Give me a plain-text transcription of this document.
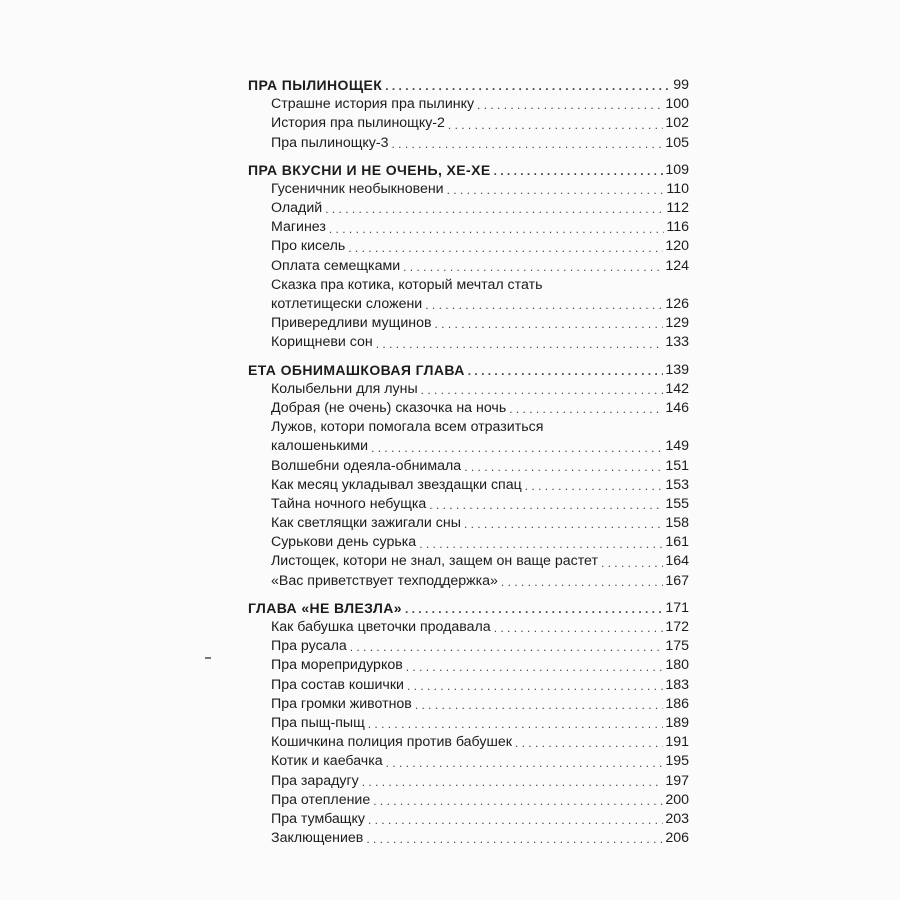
ПРА ПЫЛИНОЩЕК . . .	99
Страшне история пра пылинку . . .	100
История пра пылинощку-2 . . .	102
Пра пылинощку-3 . . .	105
ПРА ВКУСНИ И НЕ ОЧЕНЬ, ХЕ-ХЕ . . .	109
Гусеничник необыкновени . . .	110
Оладий . . .	112
Магинез . . .	116
Про кисель . . .	120
Оплата семещками . . .	124
Сказка пра котика, который мечтал стать
котлетищески сложени . . .	126
Привередливи мущинов . . .	129
Корищневи сон . . .	133
ЕТА ОБНИМАШКОВАЯ ГЛАВА . . .	139
Колыбельни для луны . . .	142
Добрая (не очень) сказочка на ночь . . .	146
Лужов, котори помогала всем отразиться
калошенькими . . .	149
Волшебни одеяла-обнимала . . .	151
Как месяц укладывал звездащки спац . . .	153
Тайна ночного небущка . . .	155
Как светлящки зажигали сны . . .	158
Сурькови день сурька . . .	161
Листощек, котори не знал, защем он ваще растет . . .	164
«Вас приветствует техподдержка» . . .	167
ГЛАВА «НЕ ВЛЕЗЛА» . . .	171
Как бабушка цветочки продавала . . .	172
Пра русала . . .	175
Пра морепридурков . . .	180
Пра состав кошички . . .	183
Пра громки животнов . . .	186
Пра пыщ-пыщ . . .	189
Кошичкина полиция против бабушек . . .	191
Котик и каебачка . . .	195
Пра зарадугу . . .	197
Пра отепление . . .	200
Пра тумбащку . . .	203
Заклющениев . . .	206
